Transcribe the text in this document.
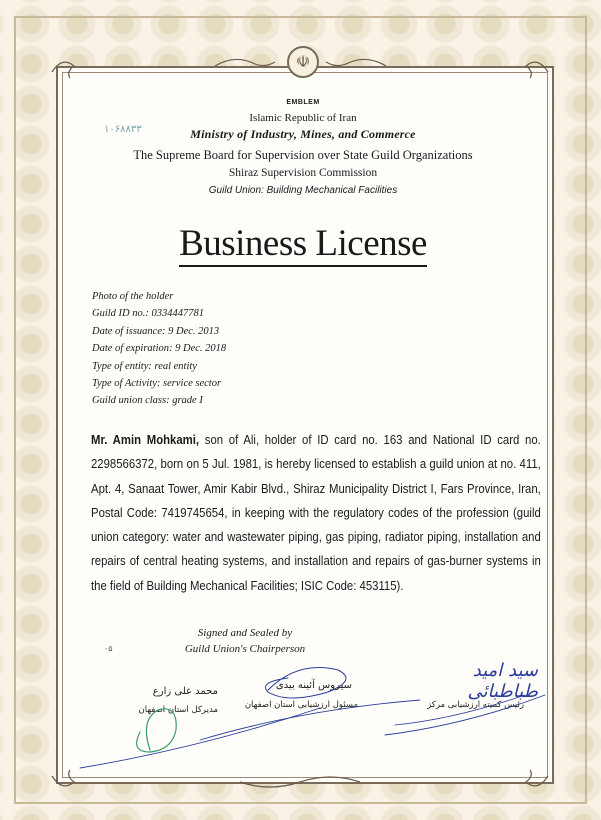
☫
EMBLEM
Islamic Republic of Iran
Ministry of Industry, Mines, and Commerce
The Supreme Board for Supervision over State Guild Organizations
Shiraz Supervision Commission
Guild Union: Building Mechanical Facilities
۱۰۶۸۸۳۳
Business License
Photo of the holder
Guild ID no.: 0334447781
Date of issuance: 9 Dec. 2013
Date of expiration: 9 Dec. 2018
Type of entity: real entity
Type of Activity: service sector
Guild union class: grade I
Mr. Amin Mohkami, son of Ali, holder of ID card no. 163 and National ID card no. 2298566372, born on 5 Jul. 1981, is hereby licensed to establish a guild union at no. 411, Apt. 4, Sanaat Tower, Amir Kabir Blvd., Shiraz Municipality District I, Fars Province, Iran, Postal Code: 7419745654, in keeping with the regulatory codes of the profession (guild union category: water and wastewater piping, gas piping, radiator piping, installation and repairs of central heating systems, and installation and repairs of gas-burner systems in the field of Building Mechanical Facilities; ISIC Code: 453115).
Signed and Sealed by
Guild Union's Chairperson
۰۵
محمد علی زارع
مدیرکل استان اصفهان
سیروس آئینه بیدی
مسئول ارزشیابی استان اصفهان
سید امید طباطبائی
رئیس کمیته ارزشیابی مرکز
